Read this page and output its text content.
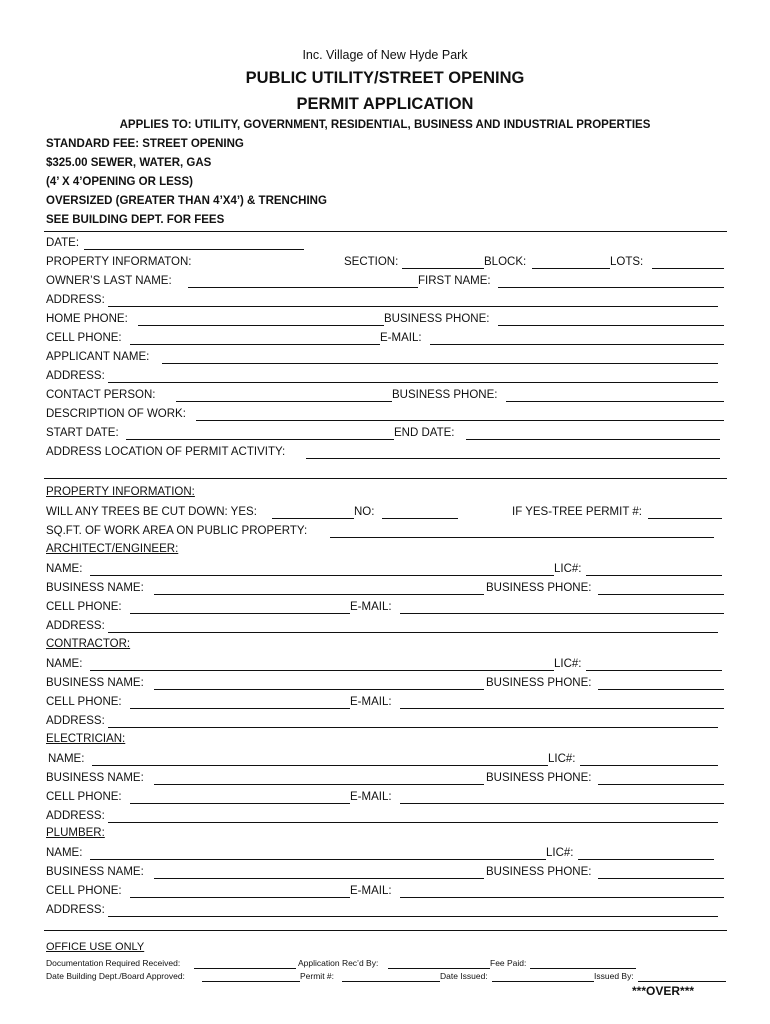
Inc. Village of New Hyde Park
PUBLIC UTILITY/STREET OPENING
PERMIT APPLICATION
APPLIES TO: UTILITY, GOVERNMENT, RESIDENTIAL, BUSINESS AND INDUSTRIAL PROPERTIES
STANDARD FEE: STREET OPENING
$325.00 SEWER, WATER, GAS
(4’ X 4’OPENING OR LESS)
OVERSIZED (GREATER THAN 4’X4’) & TRENCHING
SEE BUILDING DEPT. FOR FEES
DATE:
PROPERTY INFORMATON:	SECTION:	BLOCK:	LOTS:
OWNER’S LAST NAME:	FIRST NAME:
ADDRESS:
HOME PHONE:	BUSINESS PHONE:
CELL PHONE:	E-MAIL:
APPLICANT NAME:
ADDRESS:
CONTACT PERSON:	BUSINESS PHONE:
DESCRIPTION OF WORK:
START DATE:	END DATE:
ADDRESS LOCATION OF PERMIT ACTIVITY:
PROPERTY INFORMATION:
WILL ANY TREES BE CUT DOWN: YES:	NO:	IF YES-TREE PERMIT #:
SQ.FT. OF WORK AREA ON PUBLIC PROPERTY:
ARCHITECT/ENGINEER:
NAME:	LIC#:
BUSINESS NAME:	BUSINESS PHONE:
CELL PHONE:	E-MAIL:
ADDRESS:
CONTRACTOR:
NAME:	LIC#:
BUSINESS NAME:	BUSINESS PHONE:
CELL PHONE:	E-MAIL:
ADDRESS:
ELECTRICIAN:
NAME:	LIC#:
BUSINESS NAME:	BUSINESS PHONE:
CELL PHONE:	E-MAIL:
ADDRESS:
PLUMBER:
NAME:	LIC#:
BUSINESS NAME:	BUSINESS PHONE:
CELL PHONE:	E-MAIL:
ADDRESS:
OFFICE USE ONLY
Documentation Required Received:	Application Rec’d By:	Fee Paid:
Date Building Dept./Board Approved:	Permit #:	Date Issued:	Issued By:
***OVER***
